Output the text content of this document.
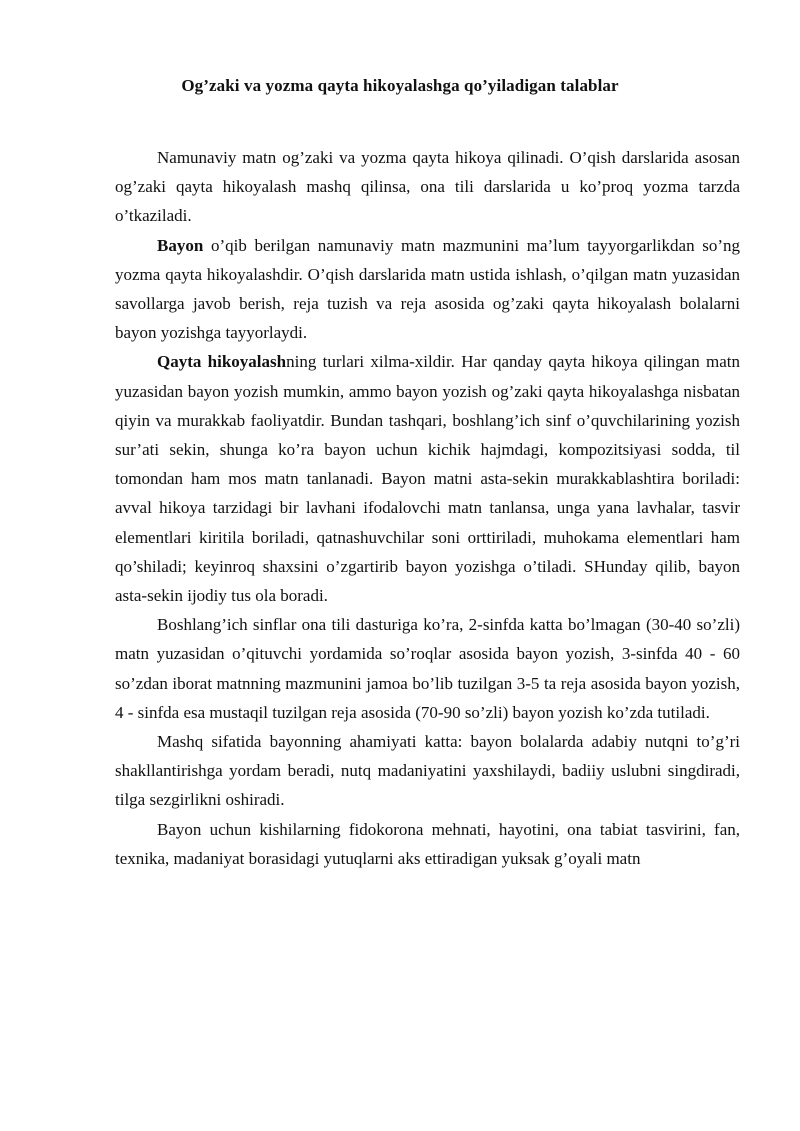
Og’zaki va yozma qayta hikoyalashga qo’yiladigan talablar

Namunaviy matn og’zaki va yozma qayta hikoya qilinadi. O’qish darslarida asosan og’zaki qayta hikoyalash mashq qilinsa, ona tili darslarida u ko’proq yozma tarzda o’tkaziladi.

Bayon o’qib berilgan namunaviy matn mazmunini ma’lum tayyorgarlikdan so’ng yozma qayta hikoyalashdir. O’qish darslarida matn ustida ishlash, o’qilgan matn yuzasidan savollarga javob berish, reja tuzish va reja asosida og’zaki qayta hikoyalash bolalarni bayon yozishga tayyorlaydi.

Qayta hikoyalashning turlari xilma-xildir. Har qanday qayta hikoya qilingan matn yuzasidan bayon yozish mumkin, ammo bayon yozish og’zaki qayta hikoyalashga nisbatan qiyin va murakkab faoliyatdir. Bundan tashqari, boshlang’ich sinf o’quvchilarining yozish sur’ati sekin, shunga ko’ra bayon uchun kichik hajmdagi, kompozitsiyasi sodda, til tomondan ham mos matn tanlanadi. Bayon matni asta-sekin murakkablashtira boriladi: avval hikoya tarzidagi bir lavhani ifodalovchi matn tanlansa, unga yana lavhalar, tasvir elementlari kiritila boriladi, qatnashuvchilar soni orttiriladi, muhokama elementlari ham qo’shiladi; keyinroq shaxsini o’zgartirib bayon yozishga o’tiladi. SHunday qilib, bayon asta-sekin ijodiy tus ola boradi.

Boshlang’ich sinflar ona tili dasturiga ko’ra, 2-sinfda katta bo’lmagan (30-40 so’zli) matn yuzasidan o’qituvchi yordamida so’roqlar asosida bayon yozish, 3-sinfda 40 - 60 so’zdan iborat matnning mazmunini jamoa bo’lib tuzilgan 3-5 ta reja asosida bayon yozish, 4 - sinfda esa mustaqil tuzilgan reja asosida (70-90 so’zli) bayon yozish ko’zda tutiladi.

Mashq sifatida bayonning ahamiyati katta: bayon bolalarda adabiy nutqni to’g’ri shakllantirishga yordam beradi, nutq madaniyatini yaxshilaydi, badiiy uslubni singdiradi, tilga sezgirlikni oshiradi.

Bayon uchun kishilarning fidokorona mehnati, hayotini, ona tabiat tasvirini, fan, texnika, madaniyat borasidagi yutuqlarni aks ettiradigan yuksak g’oyali matn
